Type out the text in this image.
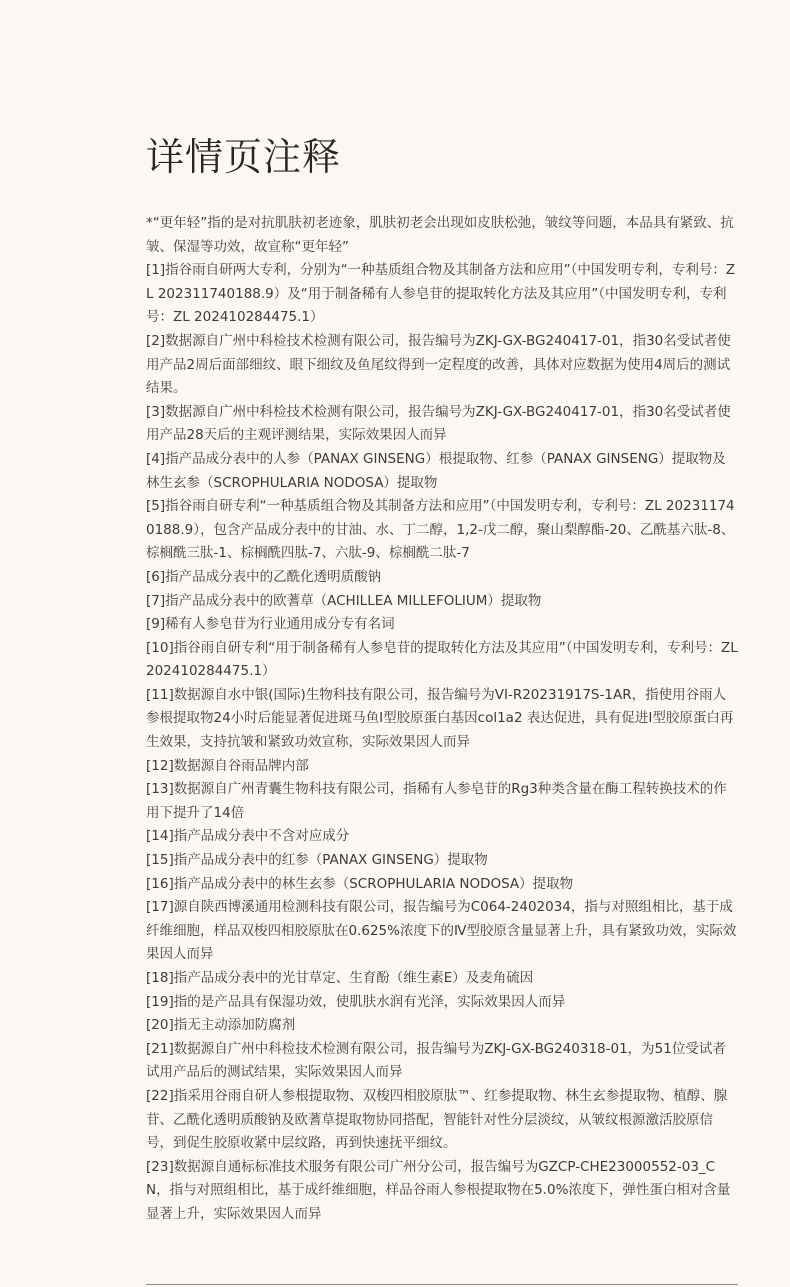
详情页注释
*“更年轻”指的是对抗肌肤初老迹象，肌肤初老会出现如皮肤松弛，皱纹等问题，本品具有紧致、抗皱、保湿等功效，故宣称“更年轻”
[1]指谷雨自研两大专利，分别为“一种基质组合物及其制备方法和应用”（中国发明专利，专利号：ZL 202311740188.9）及“用于制备稀有人参皂苷的提取转化方法及其应用”（中国发明专利，专利号：ZL 202410284475.1）
[2]数据源自广州中科检技术检测有限公司，报告编号为ZKJ-GX-BG240417-01，指30名受试者使用产品2周后面部细纹、眼下细纹及鱼尾纹得到一定程度的改善，具体对应数据为使用4周后的测试结果。
[3]数据源自广州中科检技术检测有限公司，报告编号为ZKJ-GX-BG240417-01，指30名受试者使用产品28天后的主观评测结果，实际效果因人而异
[4]指产品成分表中的人参（PANAX GINSENG）根提取物、红参（PANAX GINSENG）提取物及林生玄参（SCROPHULARIA NODOSA）提取物
[5]指谷雨自研专利“一种基质组合物及其制备方法和应用”（中国发明专利，专利号：ZL 202311740188.9），包含产品成分表中的甘油、水、丁二醇，1,2-戊二醇，聚山梨醇酯-20、乙酰基六肽-8、棕榈酰三肽-1、棕榈酰四肽-7、六肽-9、棕榈酰二肽-7
[6]指产品成分表中的乙酰化透明质酸钠
[7]指产品成分表中的欧蓍草（ACHILLEA MILLEFOLIUM）提取物
[9]稀有人参皂苷为行业通用成分专有名词
[10]指谷雨自研专利“用于制备稀有人参皂苷的提取转化方法及其应用”（中国发明专利，专利号：ZL 202410284475.1）
[11]数据源自水中银(国际)生物科技有限公司，报告编号为VI-R20231917S-1AR，指使用谷雨人参根提取物24小时后能显著促进斑马鱼Ⅰ型胶原蛋白基因col1a2 表达促进，具有促进I型胶原蛋白再生效果，支持抗皱和紧致功效宣称，实际效果因人而异
[12]数据源自谷雨品牌内部
[13]数据源自广州青囊生物科技有限公司，指稀有人参皂苷的Rg3种类含量在酶工程转换技术的作用下提升了14倍
[14]指产品成分表中不含对应成分
[15]指产品成分表中的红参（PANAX GINSENG）提取物
[16]指产品成分表中的林生玄参（SCROPHULARIA NODOSA）提取物
[17]源自陕西博溪通用检测科技有限公司，报告编号为C064-2402034，指与对照组相比，基于成纤维细胞，样品双梭四相胶原肽在0.625%浓度下的Ⅳ型胶原含量显著上升，具有紧致功效，实际效果因人而异
[18]指产品成分表中的光甘草定、生育酚（维生素E）及麦角硫因
[19]指的是产品具有保湿功效，使肌肤水润有光泽，实际效果因人而异
[20]指无主动添加防腐剂
[21]数据源自广州中科检技术检测有限公司，报告编号为ZKJ-GX-BG240318-01，为51位受试者试用产品后的测试结果，实际效果因人而异
[22]指采用谷雨自研人参根提取物、双梭四相胶原肽™、红参提取物、林生玄参提取物、植醇、腺苷、乙酰化透明质酸钠及欧蓍草提取物协同搭配，智能针对性分层淡纹，从皱纹根源激活胶原信号，到促生胶原收紧中层纹路，再到快速抚平细纹。
[23]数据源自通标标准技术服务有限公司广州分公司，报告编号为GZCP-CHE23000552-03_CN，指与对照组相比，基于成纤维细胞，样品谷雨人参根提取物在5.0%浓度下，弹性蛋白相对含量显著上升，实际效果因人而异
